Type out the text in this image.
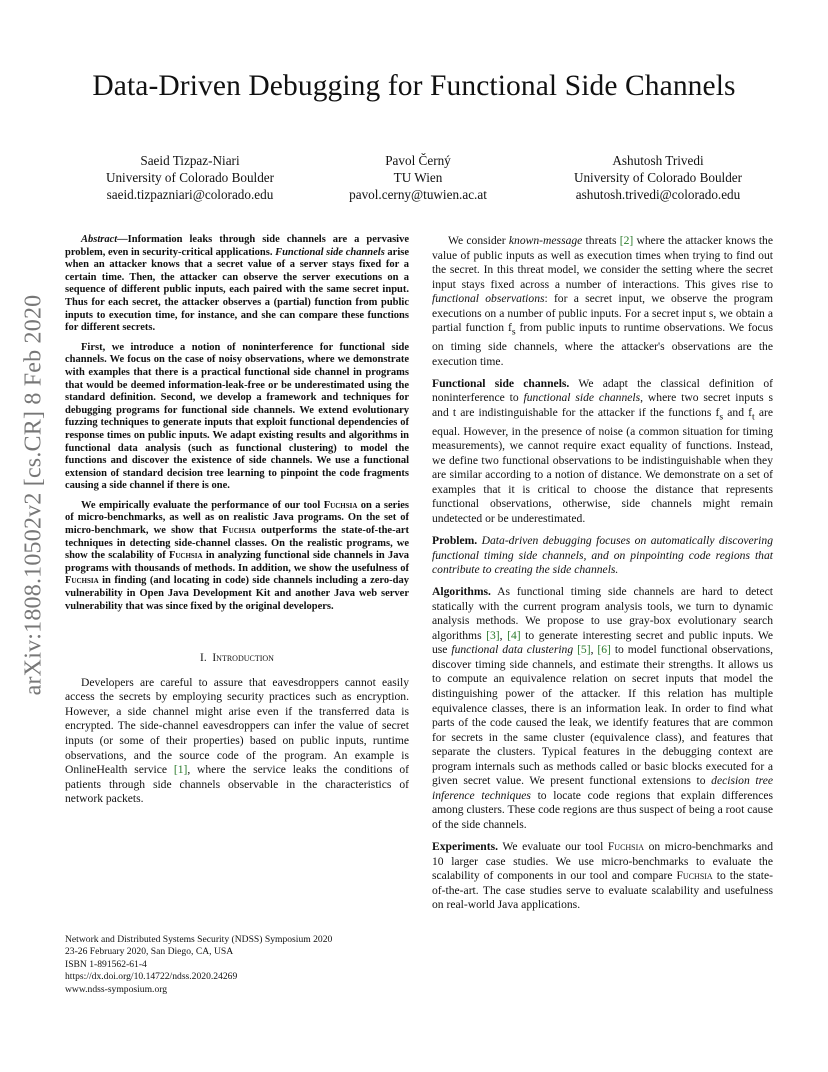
Data-Driven Debugging for Functional Side Channels
Saeid Tizpaz-Niari
University of Colorado Boulder
saeid.tizpazniari@colorado.edu
Pavol Černý
TU Wien
pavol.cerny@tuwien.ac.at
Ashutosh Trivedi
University of Colorado Boulder
ashutosh.trivedi@colorado.edu
arXiv:1808.10502v2 [cs.CR] 8 Feb 2020

Abstract—Information leaks through side channels are a pervasive problem, even in security-critical applications. Functional side channels arise when an attacker knows that a secret value of a server stays fixed for a certain time. Then, the attacker can observe the server executions on a sequence of different public inputs, each paired with the same secret input. Thus for each secret, the attacker observes a (partial) function from public inputs to execution time, for instance, and she can compare these functions for different secrets.

First, we introduce a notion of noninterference for functional side channels. We focus on the case of noisy observations, where we demonstrate with examples that there is a practical functional side channel in programs that would be deemed information-leak-free or be underestimated using the standard definition. Second, we develop a framework and techniques for debugging programs for functional side channels. We extend evolutionary fuzzing techniques to generate inputs that exploit functional dependencies of response times on public inputs. We adapt existing results and algorithms in functional data analysis (such as functional clustering) to model the functions and discover the existence of side channels. We use a functional extension of standard decision tree learning to pinpoint the code fragments causing a side channel if there is one.

We empirically evaluate the performance of our tool Fuchsia on a series of micro-benchmarks, as well as on realistic Java programs. On the set of micro-benchmark, we show that Fuchsia outperforms the state-of-the-art techniques in detecting side-channel classes. On the realistic programs, we show the scalability of Fuchsia in analyzing functional side channels in Java programs with thousands of methods. In addition, we show the usefulness of Fuchsia in finding (and locating in code) side channels including a zero-day vulnerability in Open Java Development Kit and another Java web server vulnerability that was since fixed by the original developers.

I. Introduction

Developers are careful to assure that eavesdroppers cannot easily access the secrets by employing security practices such as encryption. However, a side channel might arise even if the transferred data is encrypted. The side-channel eavesdroppers can infer the value of secret inputs (or some of their properties) based on public inputs, runtime observations, and the source code of the program. An example is OnlineHealth service [1], where the service leaks the conditions of patients through side channels observable in the characteristics of network packets.

Network and Distributed Systems Security (NDSS) Symposium 2020
23-26 February 2020, San Diego, CA, USA
ISBN 1-891562-61-4
https://dx.doi.org/10.14722/ndss.2020.24269
www.ndss-symposium.org

We consider known-message threats [2] where the attacker knows the value of public inputs as well as execution times when trying to find out the secret. In this threat model, we consider the setting where the secret input stays fixed across a number of interactions. This gives rise to functional observations: for a secret input, we observe the program executions on a number of public inputs. For a secret input s, we obtain a partial function $f_s$ from public inputs to runtime observations. We focus on timing side channels, where the attacker's observations are the execution time.

Functional side channels. We adapt the classical definition of noninterference to functional side channels, where two secret inputs s and t are indistinguishable for the attacker if the functions $f_s$ and $f_t$ are equal. However, in the presence of noise (a common situation for timing measurements), we cannot require exact equality of functions. Instead, we define two functional observations to be indistinguishable when they are similar according to a notion of distance. We demonstrate on a set of examples that it is critical to choose the distance that represents functional observations, otherwise, side channels might remain undetected or be underestimated.

Problem. Data-driven debugging focuses on automatically discovering functional timing side channels, and on pinpointing code regions that contribute to creating the side channels.

Algorithms. As functional timing side channels are hard to detect statically with the current program analysis tools, we turn to dynamic analysis methods. We propose to use gray-box evolutionary search algorithms [3], [4] to generate interesting secret and public inputs. We use functional data clustering [5], [6] to model functional observations, discover timing side channels, and estimate their strengths. It allows us to compute an equivalence relation on secret inputs that model the distinguishing power of the attacker. If this relation has multiple equivalence classes, there is an information leak. In order to find what parts of the code caused the leak, we identify features that are common for secrets in the same cluster (equivalence class), and features that separate the clusters. Typical features in the debugging context are program internals such as methods called or basic blocks executed for a given secret value. We present functional extensions to decision tree inference techniques to locate code regions that explain differences among clusters. These code regions are thus suspect of being a root cause of the side channels.

Experiments. We evaluate our tool Fuchsia on micro-benchmarks and 10 larger case studies. We use micro-benchmarks to evaluate the scalability of components in our tool and compare Fuchsia to the state-of-the-art. The case studies serve to evaluate scalability and usefulness on real-world Java applications.
